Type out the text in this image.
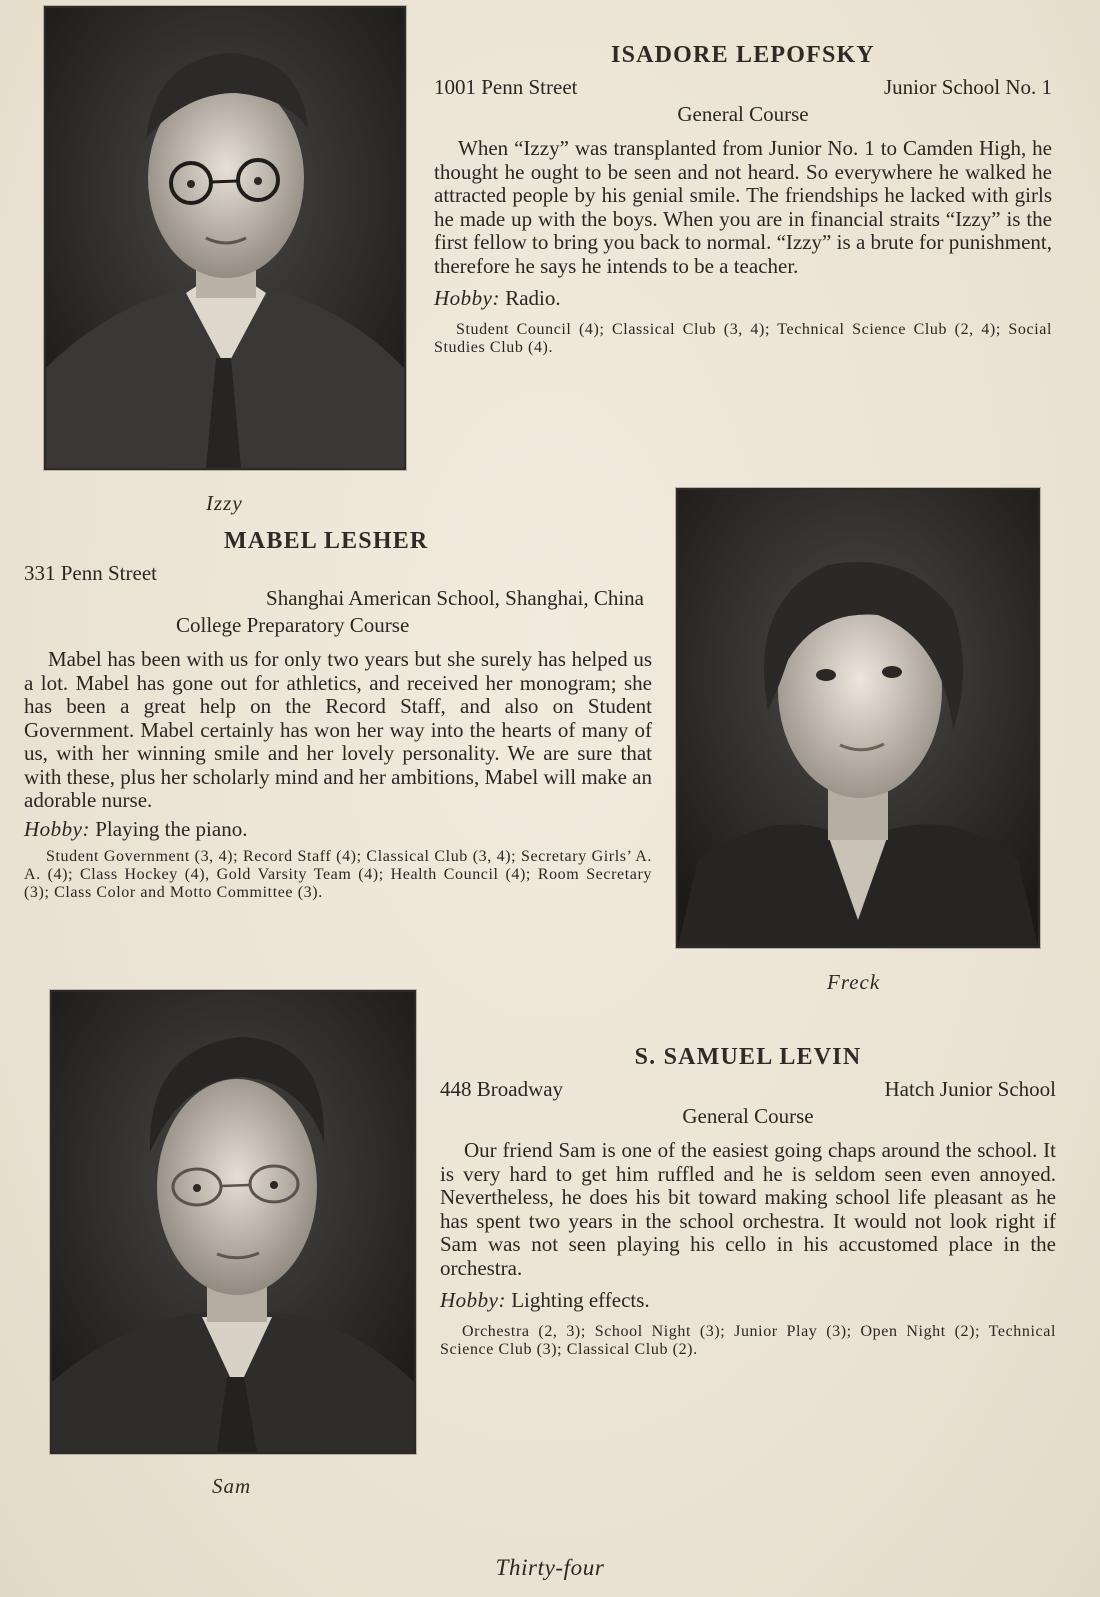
ISADORE LEPOFSKY
1001 Penn Street	Junior School No. 1
General Course

When “Izzy” was transplanted from Junior No. 1 to Camden High, he thought he ought to be seen and not heard. So everywhere he walked he attracted people by his genial smile. The friendships he lacked with girls he made up with the boys. When you are in financial straits “Izzy” is the first fellow to bring you back to normal. “Izzy” is a brute for punishment, therefore he says he intends to be a teacher.

Hobby: Radio.
Student Council (4); Classical Club (3, 4); Technical Science Club (2, 4); Social Studies Club (4).
Izzy
MABEL LESHER
331 Penn Street
Shanghai American School, Shanghai, China
College Preparatory Course

Mabel has been with us for only two years but she surely has helped us a lot. Mabel has gone out for athletics, and received her monogram; she has been a great help on the Record Staff, and also on Student Government. Mabel certainly has won her way into the hearts of many of us, with her winning smile and her lovely personality. We are sure that with these, plus her scholarly mind and her ambitions, Mabel will make an adorable nurse.

Hobby: Playing the piano.
Student Government (3, 4); Record Staff (4); Classical Club (3, 4); Secretary Girls’ A. A. (4); Class Hockey (4), Gold Varsity Team (4); Health Council (4); Room Secretary (3); Class Color and Motto Committee (3).
Freck
S. SAMUEL LEVIN
448 Broadway	Hatch Junior School
General Course

Our friend Sam is one of the easiest going chaps around the school. It is very hard to get him ruffled and he is seldom seen even annoyed. Nevertheless, he does his bit toward making school life pleasant as he has spent two years in the school orchestra. It would not look right if Sam was not seen playing his cello in his accustomed place in the orchestra.

Hobby: Lighting effects.
Orchestra (2, 3); School Night (3); Junior Play (3); Open Night (2); Technical Science Club (3); Classical Club (2).
Sam
Thirty-four
